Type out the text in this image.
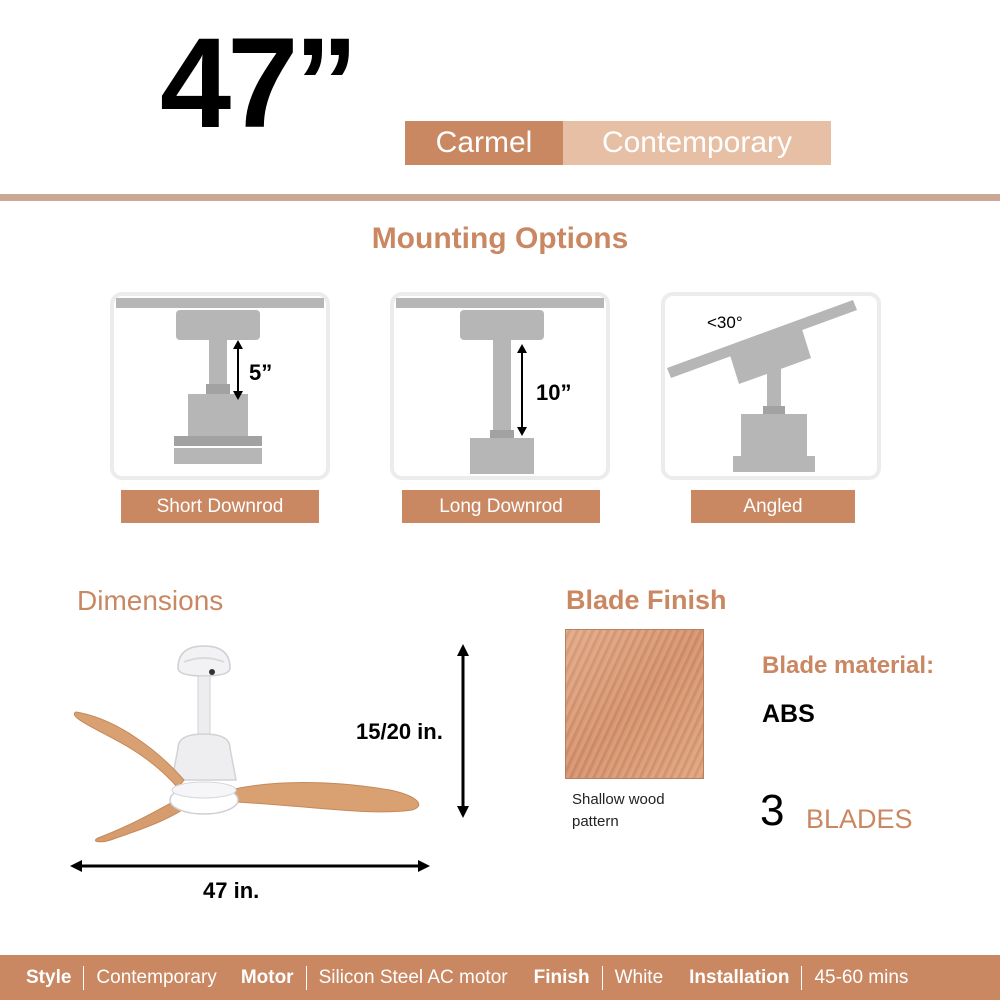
47”	Carmel	Contemporary
Mounting Options
5”
Short Downrod
10”
Long Downrod
<30°
Angled
Dimensions
15/20 in.
47 in.
Blade Finish
Shallow wood pattern
Blade material:
ABS
3 BLADES
Style Contemporary Motor Silicon Steel AC motor Finish White Installation 45-60 mins
